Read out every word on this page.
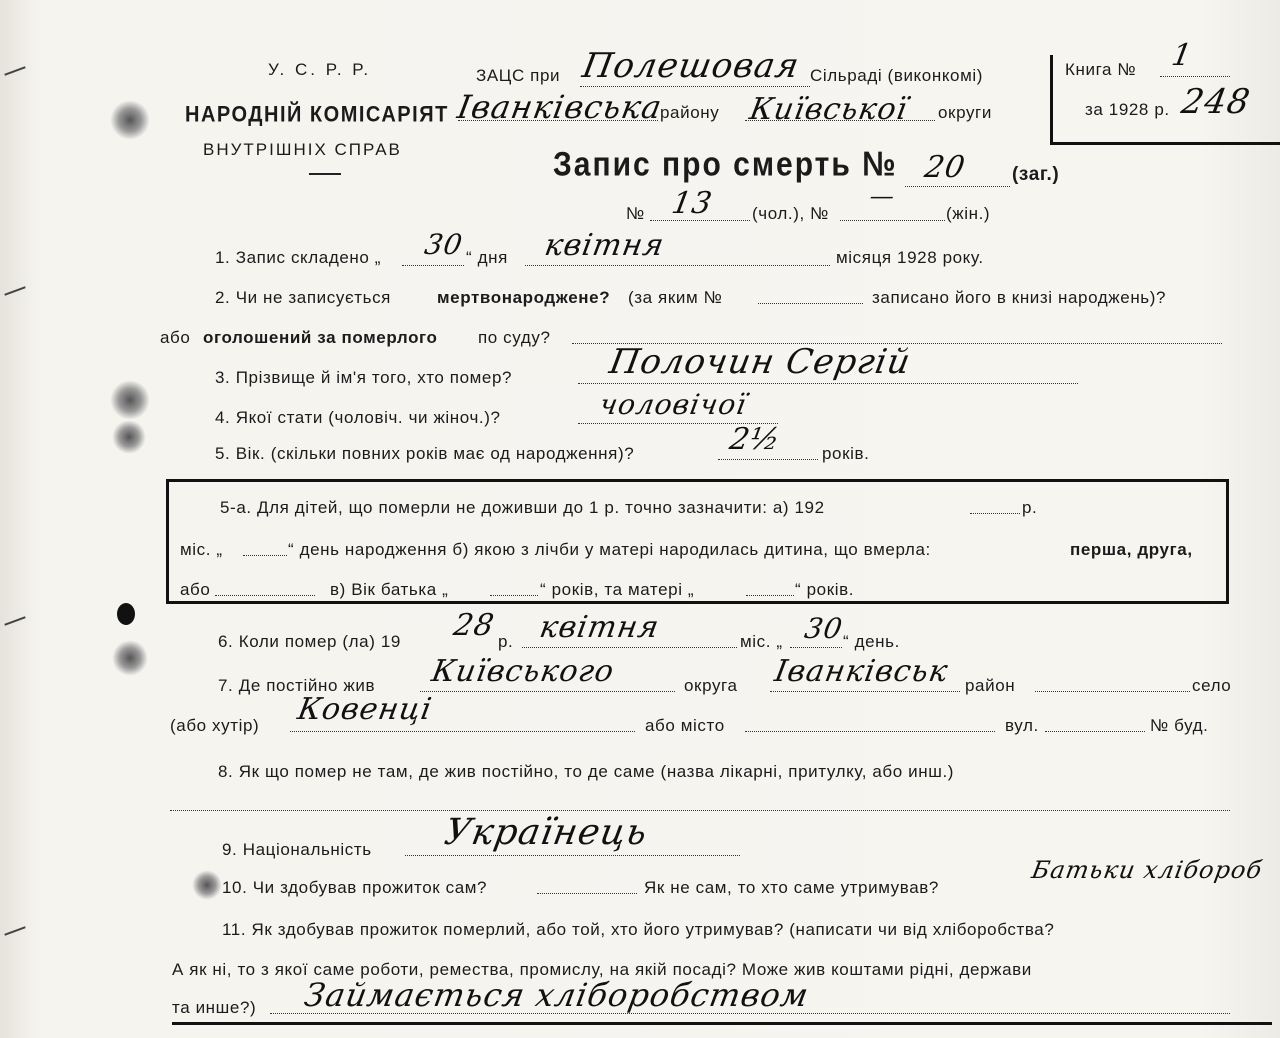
У. С. Р. Р.
НАРОДНІЙ КОМІСАРІЯТ
ВНУТРІШНІХ СПРАВ
ЗАЦС при Полешовая Сільраді (виконкомі)
Іванківська
району Київської округи
Книга № 1
за 1928 р. 248
Запис про смерть № 20 (заг.)
№ 13 (чол.), №
—
(жін.)
1. Запис складено „ 30 “ дня квітня	місяця 1928 року.
2. Чи не записується	мертвонароджене? (за яким №	записано його в книзі народжень)?
або оголошений за померлого по суду?
3. Прізвище й ім'я того, хто помер?	Полочин Сергій
4. Якої стати (чоловіч. чи жіноч.)?	чоловічої
5. Вік. (скільки повних років має од народження)?	2½ років.
5-а. Для дітей, що померли не доживши до 1 р. точно зазначити: а) 192	р.
міс. „	“ день народження б) якою з лічби у матері народилась дитина, що вмерла:	перша, друга,
або	в) Вік батька „	“ років, та матері „	“ років.
6. Коли помер (ла) 19 28 р. квітня	міс. „ 30
“ день.
7. Де постійно жив Київського	округа Іванківськ район	село
(або хутір) Ковенці	або місто	вул.	№ буд.
8. Як що помер не там, де жив постійно, то де саме (назва лікарні, притулку, або инш.)
9. Національність Українець
10. Чи здобував прожиток сам?	Як не сам, то хто саме утримував?
Батьки хлібороб
11. Як здобував прожиток померлий, або той, хто його утримував? (написати чи від хліборобства?
А як ні, то з якої саме роботи, ремества, промислу, на якій посаді? Може жив коштами рідні, держави
та инше?) Займається хліборобством
